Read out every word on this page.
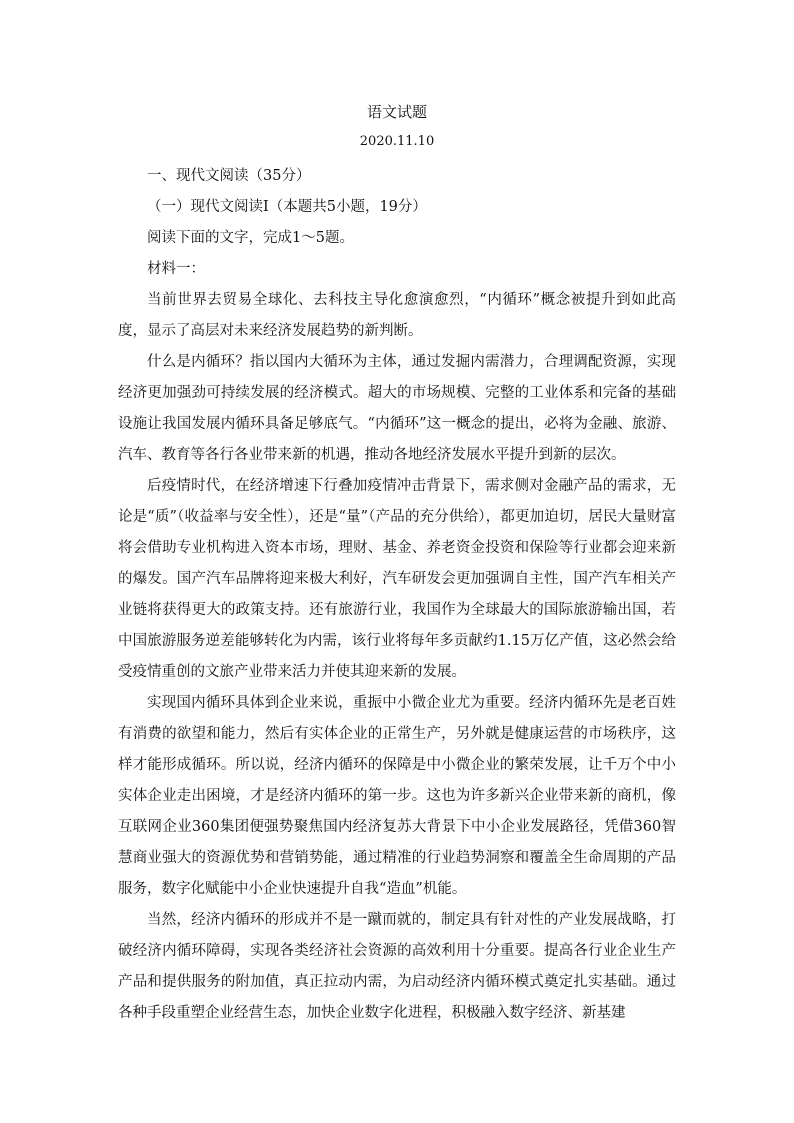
语文试题
2020.11.10

一、现代文阅读（35分）

（一）现代文阅读Ⅰ（本题共5小题，19分）

阅读下面的文字，完成1～5题。

材料一：

当前世界去贸易全球化、去科技主导化愈演愈烈，“内循环”概念被提升到如此高度，显示了高层对未来经济发展趋势的新判断。

什么是内循环？指以国内大循环为主体，通过发掘内需潜力，合理调配资源，实现经济更加强劲可持续发展的经济模式。超大的市场规模、完整的工业体系和完备的基础设施让我国发展内循环具备足够底气。“内循环”这一概念的提出，必将为金融、旅游、汽车、教育等各行各业带来新的机遇，推动各地经济发展水平提升到新的层次。

后疫情时代，在经济增速下行叠加疫情冲击背景下，需求侧对金融产品的需求，无论是“质”（收益率与安全性），还是“量”（产品的充分供给），都更加迫切，居民大量财富将会借助专业机构进入资本市场，理财、基金、养老资金投资和保险等行业都会迎来新的爆发。国产汽车品牌将迎来极大利好，汽车研发会更加强调自主性，国产汽车相关产业链将获得更大的政策支持。还有旅游行业，我国作为全球最大的国际旅游输出国，若中国旅游服务逆差能够转化为内需，该行业将每年多贡献约1.15万亿产值，这必然会给受疫情重创的文旅产业带来活力并使其迎来新的发展。

实现国内循环具体到企业来说，重振中小微企业尤为重要。经济内循环先是老百姓有消费的欲望和能力，然后有实体企业的正常生产，另外就是健康运营的市场秩序，这样才能形成循环。所以说，经济内循环的保障是中小微企业的繁荣发展，让千万个中小实体企业走出困境，才是经济内循环的第一步。这也为许多新兴企业带来新的商机，像互联网企业360集团便强势聚焦国内经济复苏大背景下中小企业发展路径，凭借360智慧商业强大的资源优势和营销势能，通过精准的行业趋势洞察和覆盖全生命周期的产品服务，数字化赋能中小企业快速提升自我“造血”机能。

当然，经济内循环的形成并不是一蹴而就的，制定具有针对性的产业发展战略，打破经济内循环障碍，实现各类经济社会资源的高效利用十分重要。提高各行业企业生产产品和提供服务的附加值，真正拉动内需，为启动经济内循环模式奠定扎实基础。通过各种手段重塑企业经营生态，加快企业数字化进程，积极融入数字经济、新基建
